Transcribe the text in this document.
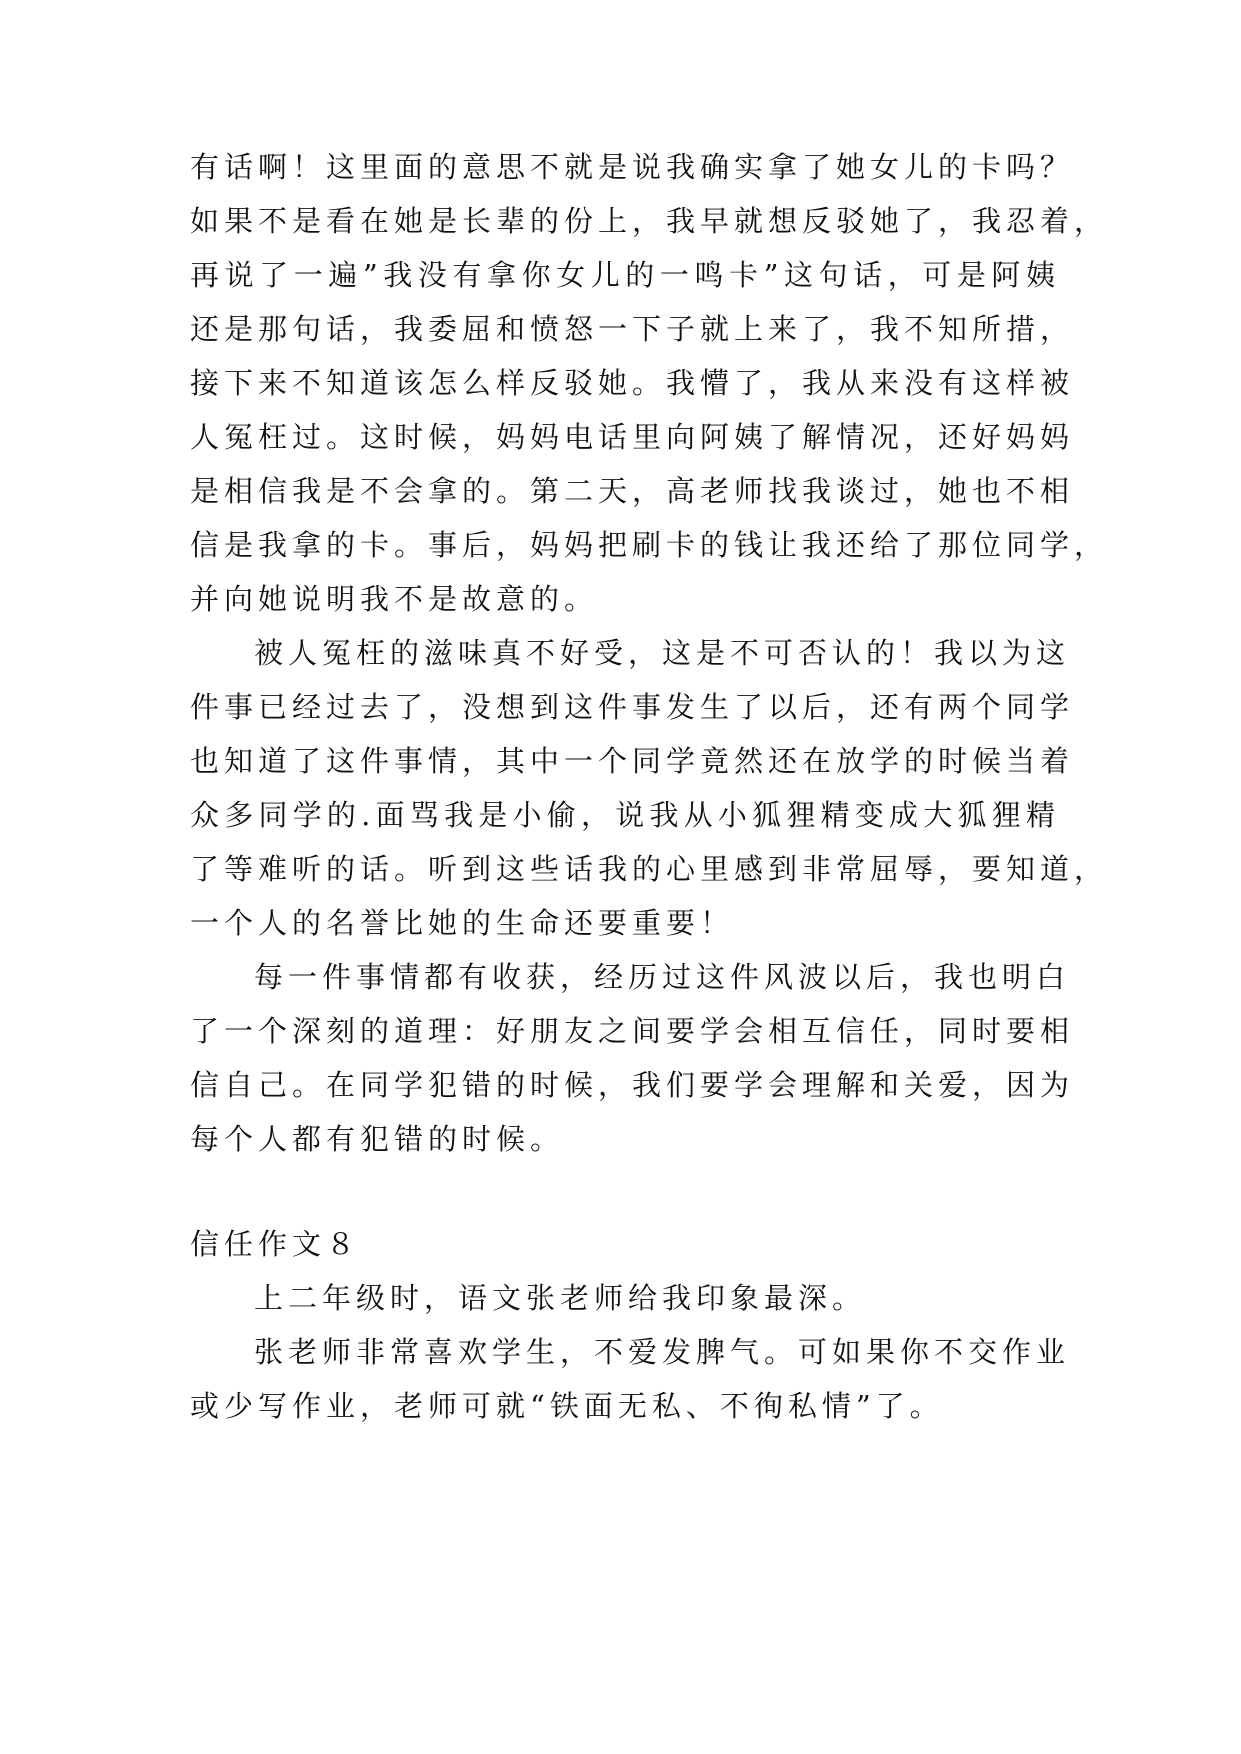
有话啊！这里面的意思不就是说我确实拿了她女儿的卡吗？

如果不是看在她是长辈的份上，我早就想反驳她了，我忍着，

再说了一遍”我没有拿你女儿的一鸣卡”这句话，可是阿姨

还是那句话，我委屈和愤怒一下子就上来了，我不知所措，

接下来不知道该怎么样反驳她。我懵了，我从来没有这样被

人冤枉过。这时候，妈妈电话里向阿姨了解情况，还好妈妈

是相信我是不会拿的。第二天，高老师找我谈过，她也不相

信是我拿的卡。事后，妈妈把刷卡的钱让我还给了那位同学，

并向她说明我不是故意的。

被人冤枉的滋味真不好受，这是不可否认的！我以为这

件事已经过去了，没想到这件事发生了以后，还有两个同学

也知道了这件事情，其中一个同学竟然还在放学的时候当着

众多同学的.面骂我是小偷，说我从小狐狸精变成大狐狸精

了等难听的话。听到这些话我的心里感到非常屈辱，要知道，

一个人的名誉比她的生命还要重要！

每一件事情都有收获，经历过这件风波以后，我也明白

了一个深刻的道理：好朋友之间要学会相互信任，同时要相

信自己。在同学犯错的时候，我们要学会理解和关爱，因为

每个人都有犯错的时候。

信任作文８

上二年级时，语文张老师给我印象最深。

张老师非常喜欢学生，不爱发脾气。可如果你不交作业

或少写作业，老师可就“铁面无私、不徇私情”了。
